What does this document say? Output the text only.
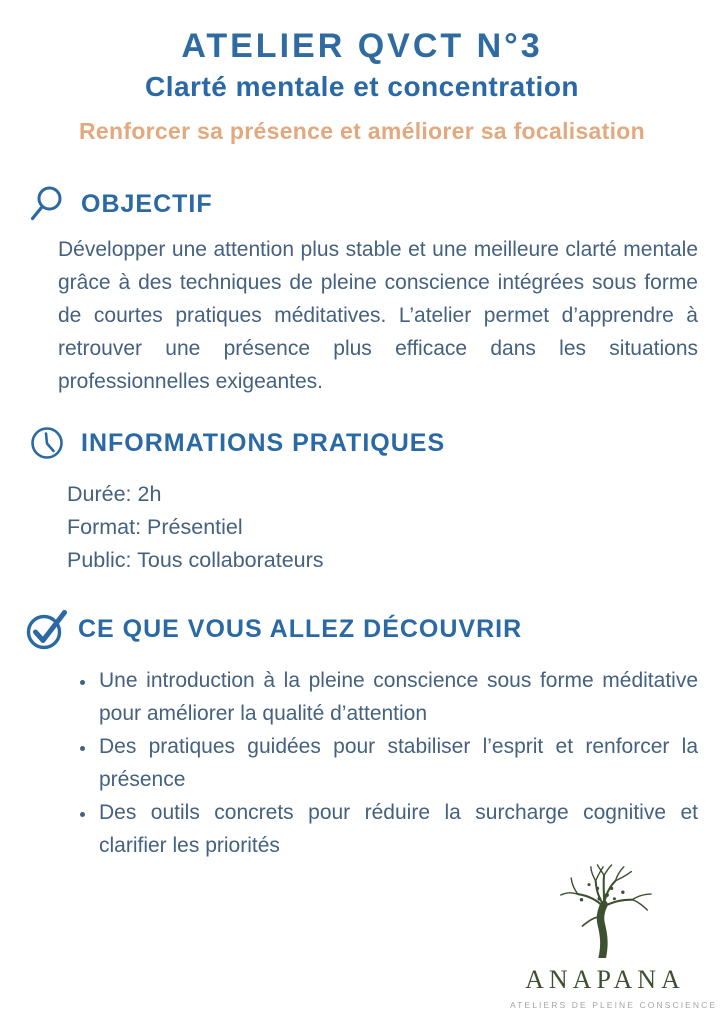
ATELIER QVCT N°3
Clarté mentale et concentration

Renforcer sa présence et améliorer sa focalisation

OBJECTIF

Développer une attention plus stable et une meilleure clarté mentale grâce à des techniques de pleine conscience intégrées sous forme de courtes pratiques méditatives. L’atelier permet d’apprendre à retrouver une présence plus efficace dans les situations professionnelles exigeantes.

INFORMATIONS PRATIQUES

Durée: 2h

Format: Présentiel

Public: Tous collaborateurs

CE QUE VOUS ALLEZ DÉCOUVRIR
• Une introduction à la pleine conscience sous forme méditative pour améliorer la qualité d’attention
• Des pratiques guidées pour stabiliser l’esprit et renforcer la présence
• Des outils concrets pour réduire la surcharge cognitive et clarifier les priorités
ANAPANA
ATELIERS DE PLEINE CONSCIENCE
